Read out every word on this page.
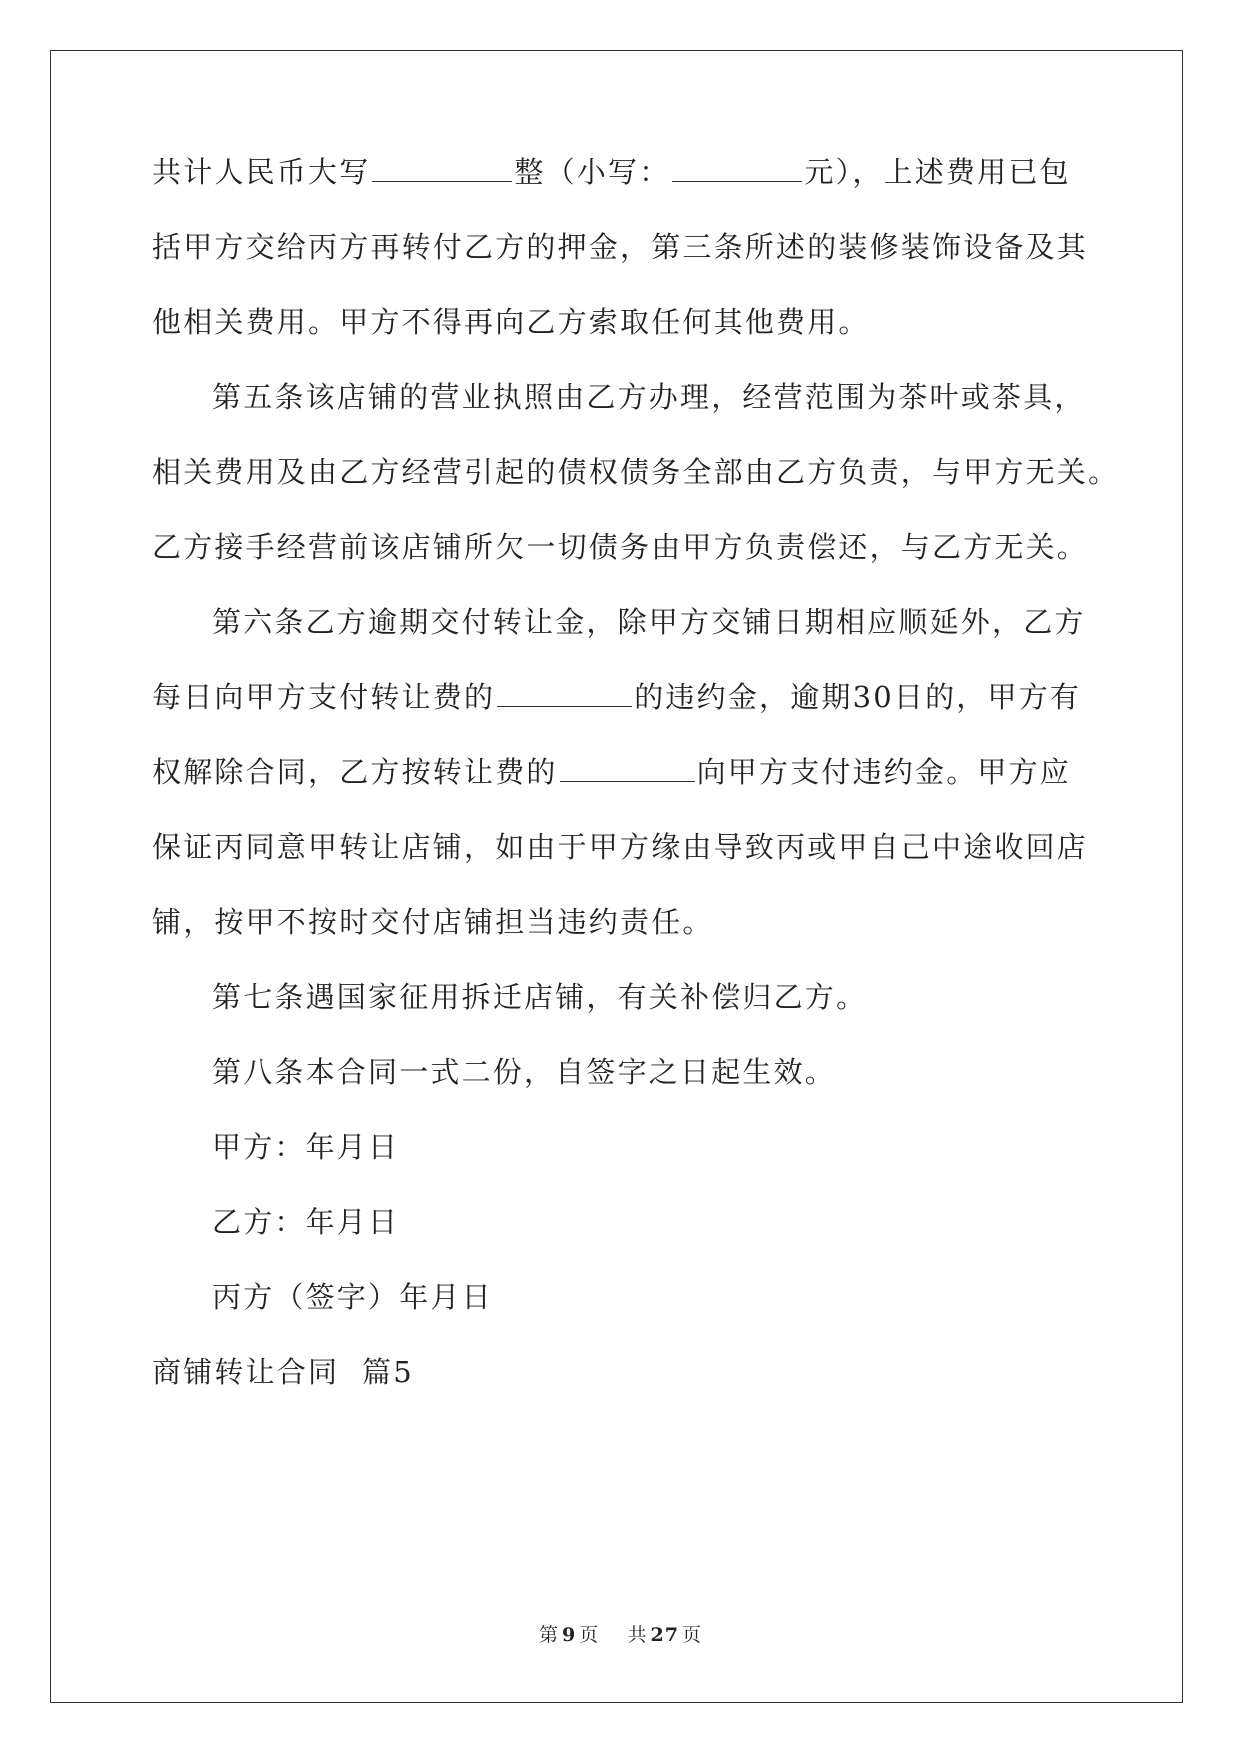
共计人民币大写	整（小写：	元），上述费用已包
括甲方交给丙方再转付乙方的押金，第三条所述的装修装饰设备及其
他相关费用。甲方不得再向乙方索取任何其他费用。
第五条该店铺的营业执照由乙方办理，经营范围为茶叶或茶具，
相关费用及由乙方经营引起的债权债务全部由乙方负责，与甲方无关。
乙方接手经营前该店铺所欠一切债务由甲方负责偿还，与乙方无关。
第六条乙方逾期交付转让金，除甲方交铺日期相应顺延外，乙方
每日向甲方支付转让费的	的违约金，逾期30日的，甲方有
权解除合同，乙方按转让费的	向甲方支付违约金。甲方应
保证丙同意甲转让店铺，如由于甲方缘由导致丙或甲自己中途收回店
铺，按甲不按时交付店铺担当违约责任。
第七条遇国家征用拆迁店铺，有关补偿归乙方。
第八条本合同一式二份，自签字之日起生效。
甲方：年月日
乙方：年月日
丙方（签字）年月日
商铺转让合同  篇5
第 9 页 共 27 页
